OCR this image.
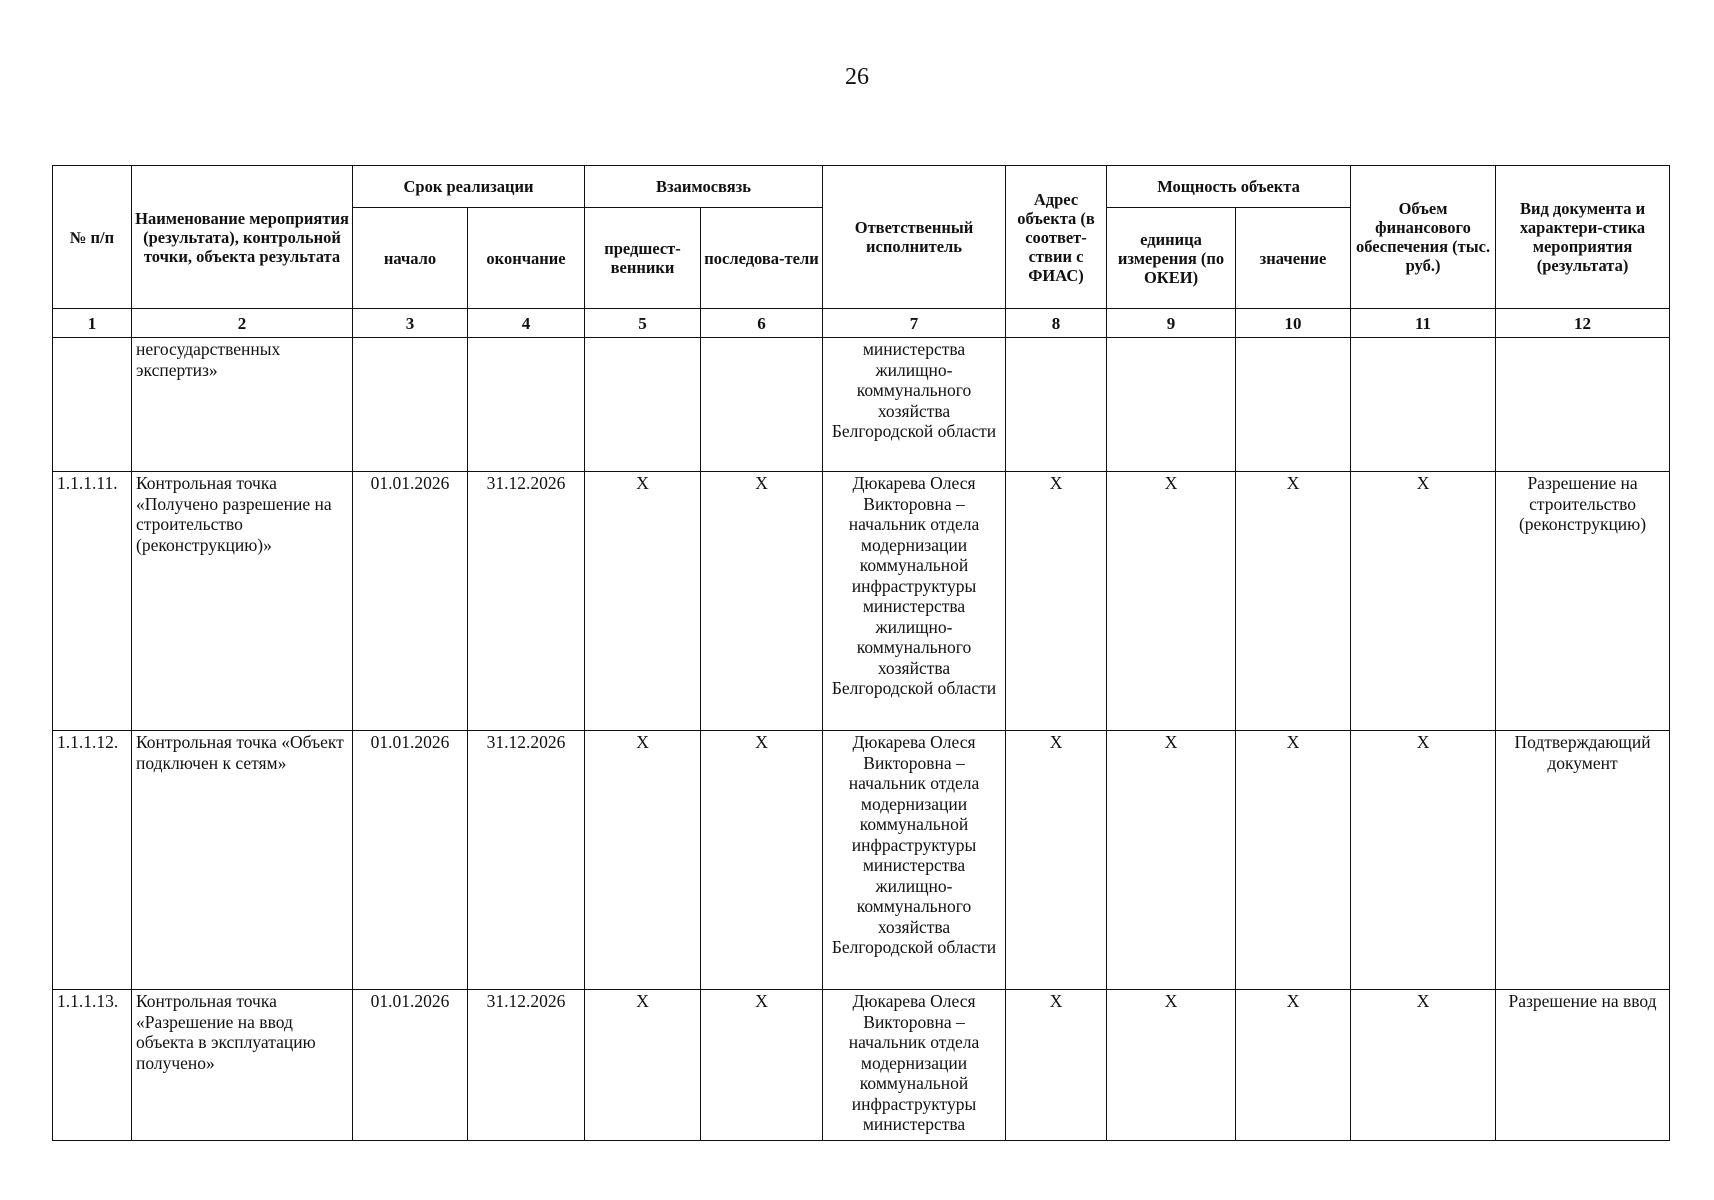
26
№ п/п	Наименование мероприятия (результата), контрольной точки, объекта результата	Срок реализации		Взаимосвязь		Ответственный исполнитель	Адрес объекта (в соответ-ствии с ФИАС)	Мощность объекта		Объем финансового обеспечения (тыс. руб.)	Вид документа и характери-стика мероприятия (результата)
		начало	окончание	предшест-венники	последова-тели			единица измерения (по ОКЕИ)	значение		
1	2	3	4	5	6	7	8	9	10	11	12
	негосударственных экспертиз»					министерства жилищно-коммунального хозяйства Белгородской области					
1.1.1.11.	Контрольная точка «Получено разрешение на строительство (реконструкцию)»	01.01.2026	31.12.2026	X	X	Дюкарева Олеся Викторовна – начальник отдела модернизации коммунальной инфраструктуры министерства жилищно-коммунального хозяйства Белгородской области	X	X	X	X	Разрешение на строительство (реконструкцию)
1.1.1.12.	Контрольная точка «Объект подключен к сетям»	01.01.2026	31.12.2026	X	X	Дюкарева Олеся Викторовна – начальник отдела модернизации коммунальной инфраструктуры министерства жилищно-коммунального хозяйства Белгородской области	X	X	X	X	Подтверждающий документ
1.1.1.13.	Контрольная точка «Разрешение на ввод объекта в эксплуатацию получено»	01.01.2026	31.12.2026	X	X	Дюкарева Олеся Викторовна – начальник отдела модернизации коммунальной инфраструктуры министерства	X	X	X	X	Разрешение на ввод
